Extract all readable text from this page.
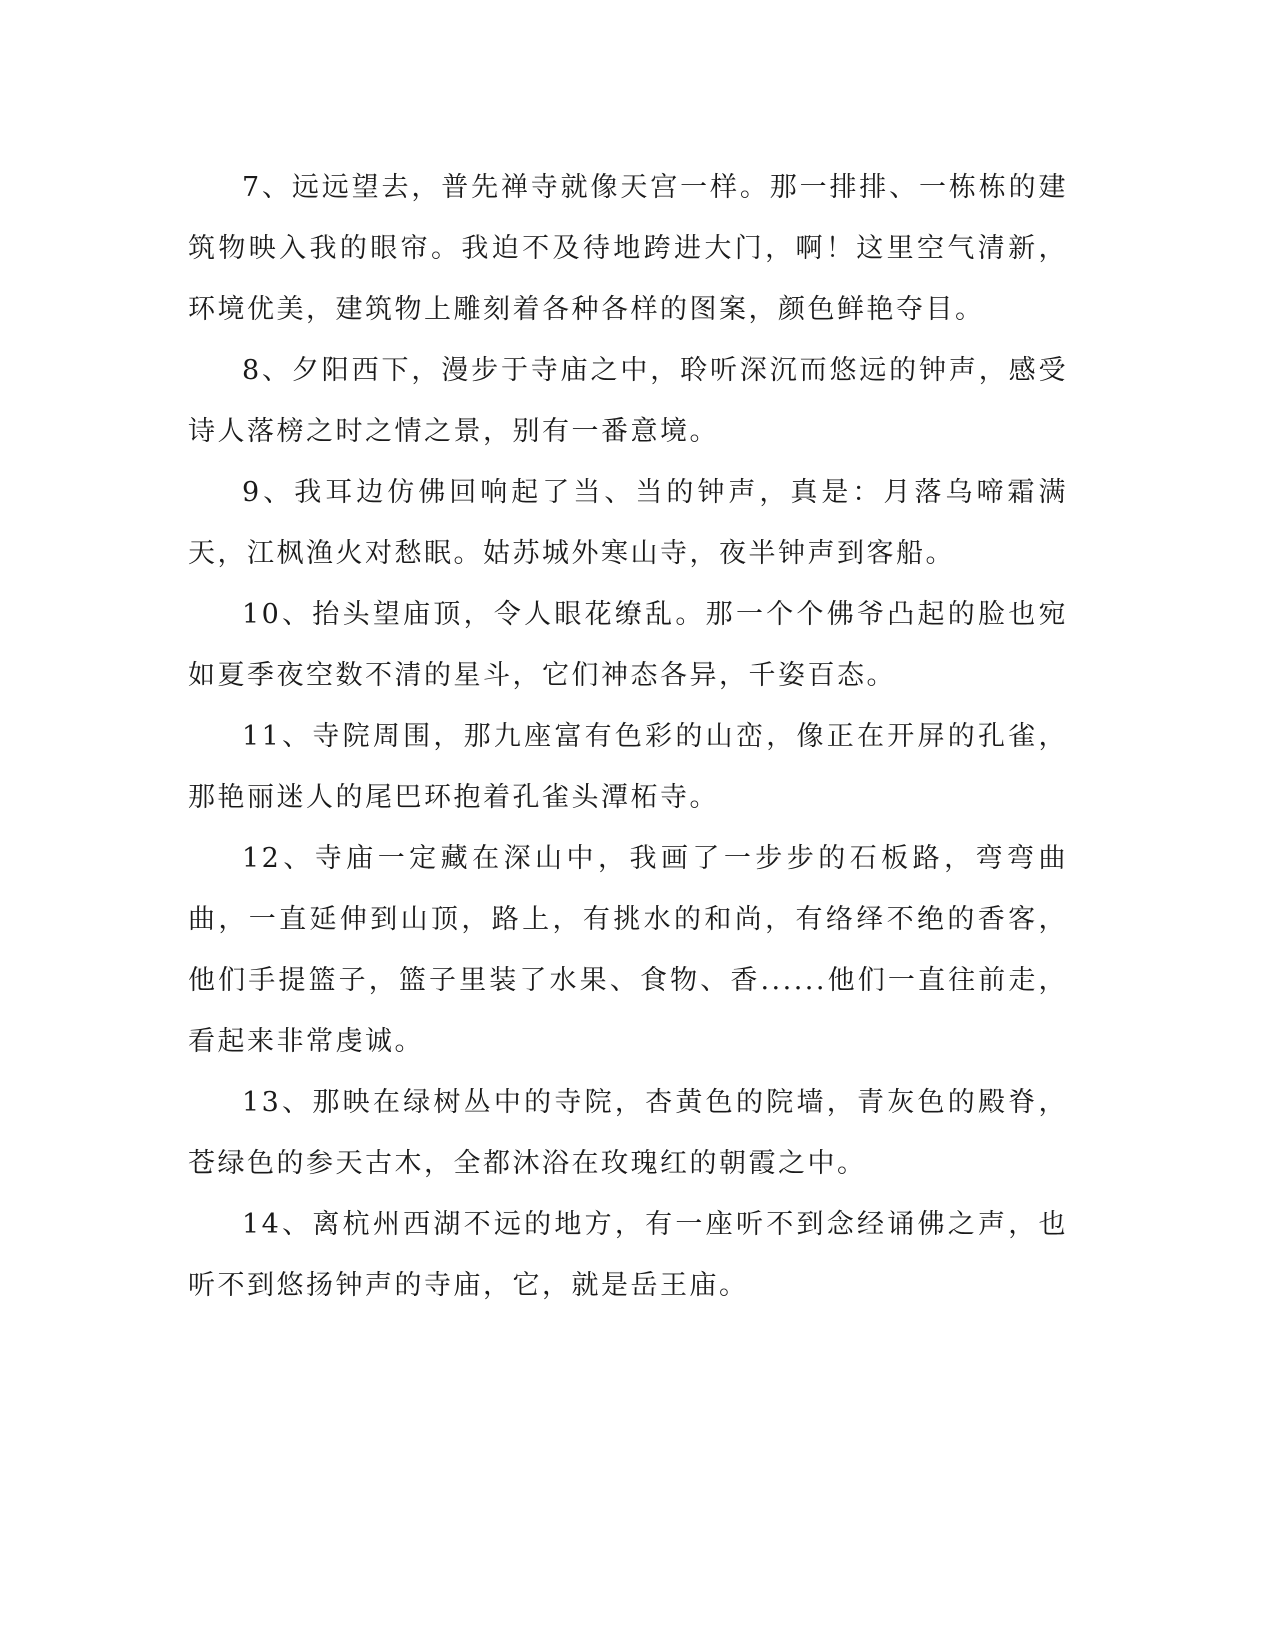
7、远远望去，普先禅寺就像天宫一样。那一排排、一栋栋的建筑物映入我的眼帘。我迫不及待地跨进大门，啊！这里空气清新，环境优美，建筑物上雕刻着各种各样的图案，颜色鲜艳夺目。

8、夕阳西下，漫步于寺庙之中，聆听深沉而悠远的钟声，感受诗人落榜之时之情之景，别有一番意境。

9、我耳边仿佛回响起了当、当的钟声，真是：月落乌啼霜满天，江枫渔火对愁眠。姑苏城外寒山寺，夜半钟声到客船。

10、抬头望庙顶，令人眼花缭乱。那一个个佛爷凸起的脸也宛如夏季夜空数不清的星斗，它们神态各异，千姿百态。

11、寺院周围，那九座富有色彩的山峦，像正在开屏的孔雀，那艳丽迷人的尾巴环抱着孔雀头潭柘寺。

12、寺庙一定藏在深山中，我画了一步步的石板路，弯弯曲曲，一直延伸到山顶，路上，有挑水的和尚，有络绎不绝的香客，他们手提篮子，篮子里装了水果、食物、香......他们一直往前走，看起来非常虔诚。

13、那映在绿树丛中的寺院，杏黄色的院墙，青灰色的殿脊，苍绿色的参天古木，全都沐浴在玫瑰红的朝霞之中。

14、离杭州西湖不远的地方，有一座听不到念经诵佛之声，也听不到悠扬钟声的寺庙，它，就是岳王庙。
